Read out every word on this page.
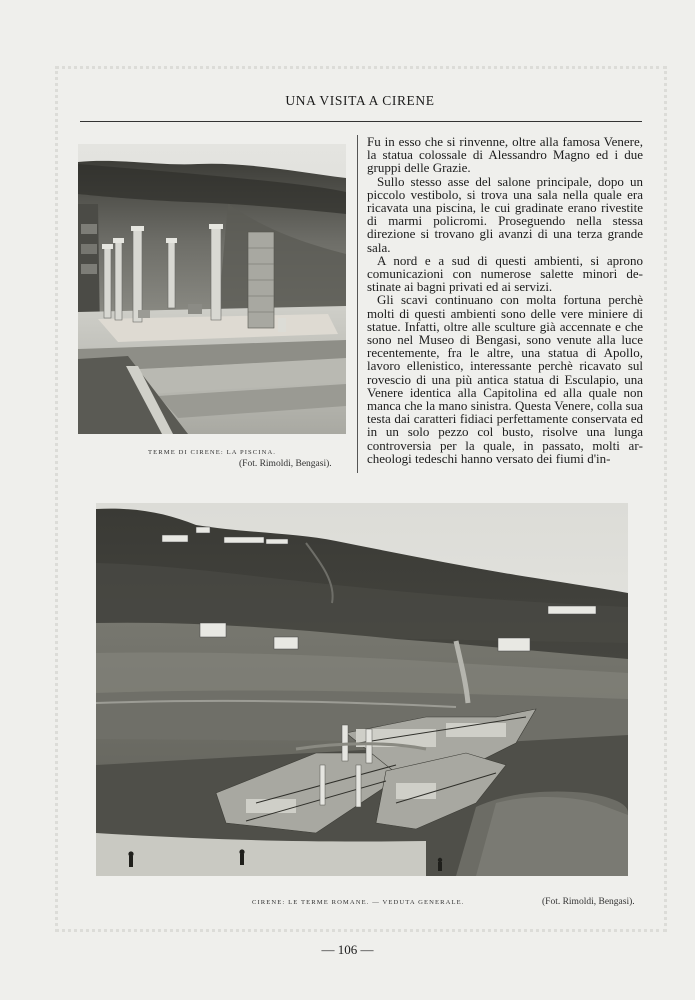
UNA VISITA A CIRENE
TERME DI CIRENE: LA PISCINA.
(Fot. Rimoldi, Bengasi).

Fu in esso che si rinvenne, oltre alla famosa Venere, la statua colossale di Alessandro Magno ed i due gruppi delle Grazie.

Sullo stesso asse del salone principale, dopo un piccolo vestibolo, si trova una sala nella quale era ricavata una piscina, le cui gradinate erano rivestite di marmi policromi. Proseguendo nella stessa direzione si trovano gli avanzi di una terza grande sala.

A nord e a sud di questi ambienti, si aprono comunicazioni con numerose salette minori destinate ai bagni privati ed ai servizi.

Gli scavi continuano con molta fortuna perchè molti di questi ambienti sono delle vere miniere di statue. Infatti, oltre alle sculture già accennate e che sono nel Museo di Bengasi, sono venute alla luce recentemente, fra le altre, una statua di Apollo, lavoro ellenistico, interessante perchè ricavato sul rovescio di una più antica statua di Esculapio, una Venere identica alla Capitolina ed alla quale non manca che la mano sinistra. Questa Venere, colla sua testa dai caratteri fidiaci perfettamente conservata ed in un solo pezzo col busto, risolve una lunga controversia per la quale, in passato, molti archeologi tedeschi hanno versato dei fiumi d'in-

CIRENE: LE TERME ROMANE. — VEDUTA GENERALE.	(Fot. Rimoldi, Bengasi).
— 106 —
